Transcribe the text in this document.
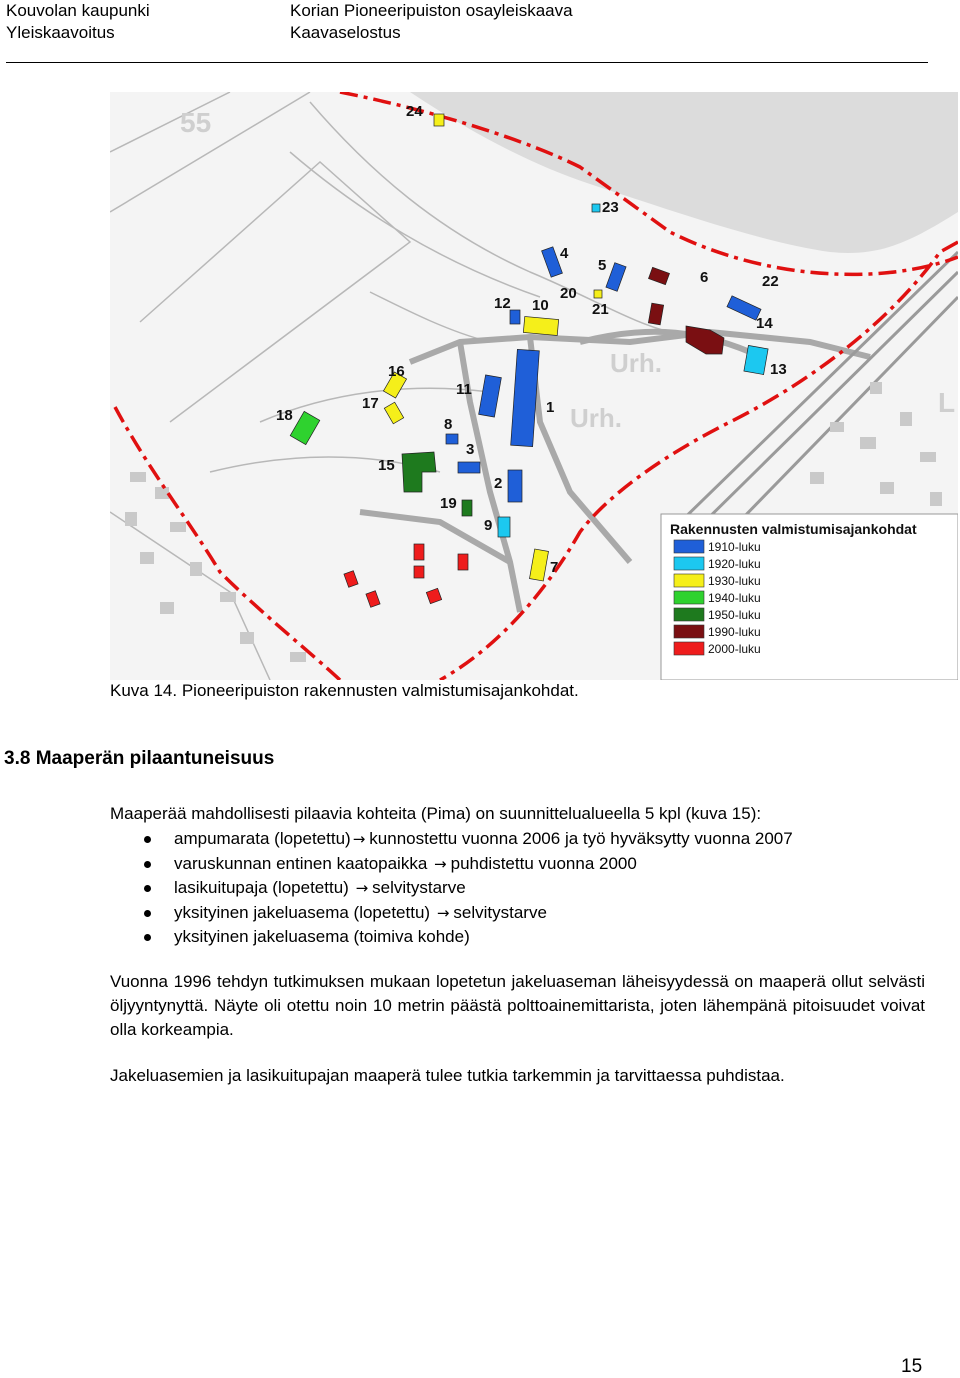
Kouvolan kaupunki
Yleiskaavoitus
Korian Pioneeripuiston osayleiskaava
Kaavaselostus
55
Urh.
Urh.	L
1
2
3
4
5
6
7
8
9
10
11
12
13
14
15
16
17
18
19
20
21
22
23
24
Rakennusten valmistumisajankohdat
1910-luku
1920-luku
1930-luku
1940-luku
1950-luku
1990-luku
2000-luku
Kuva 14. Pioneeripuiston rakennusten valmistumisajankohdat.
3.8 Maaperän pilaantuneisuus
Maaperää mahdollisesti pilaavia kohteita (Pima) on suunnittelualueella 5 kpl (kuva 15):
ampumarata (lopetettu) → kunnostettu vuonna 2006 ja työ hyväksytty vuonna 2007
varuskunnan entinen kaatopaikka → puhdistettu vuonna 2000
lasikuitupaja (lopetettu) → selvitystarve
yksityinen jakeluasema (lopetettu) → selvitystarve
yksityinen jakeluasema (toimiva kohde)
Vuonna 1996 tehdyn tutkimuksen mukaan lopetetun jakeluaseman läheisyydessä on maaperä ollut selvästi öljyyntynyttä. Näyte oli otettu noin 10 metrin päästä polttoainemittarista, joten lähempänä pitoisuudet voivat olla korkeampia.
Jakeluasemien ja lasikuitupajan maaperä tulee tutkia tarkemmin ja tarvittaessa puhdistaa.
15
